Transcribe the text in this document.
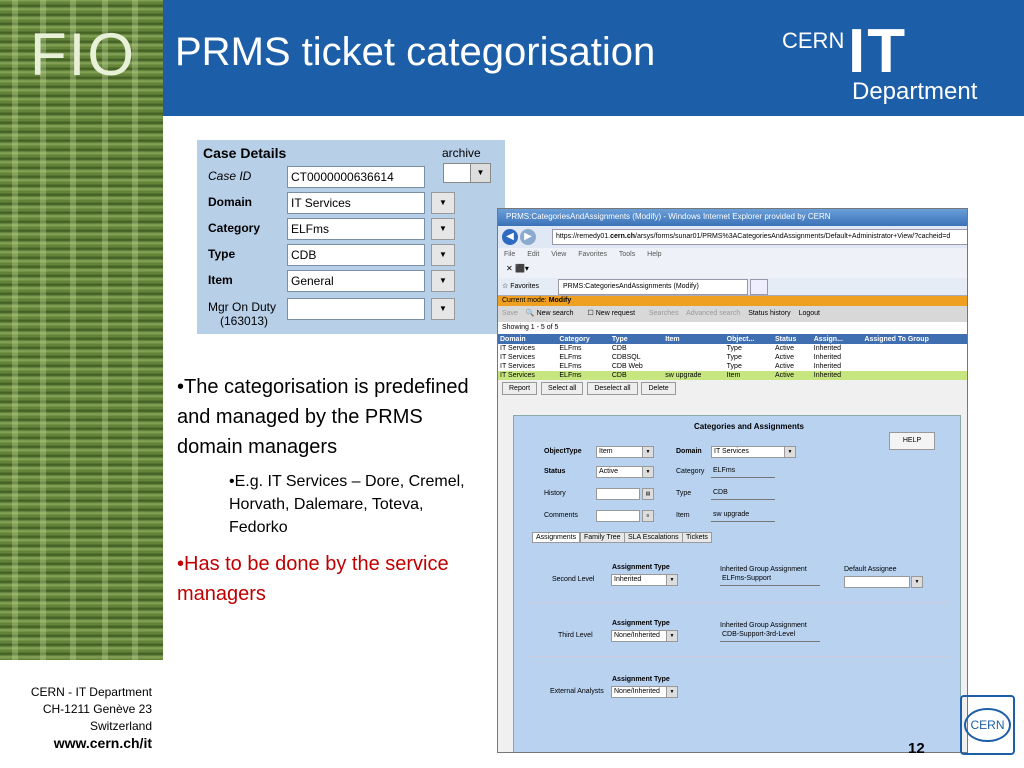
FIO PRMS ticket categorisation	CERN IT
Department
Case Details	archive
▼
Case ID	CT0000000636614
Domain	IT Services	▼
Category	ELFms	▼
Type	CDB	▼
Item	General	▼
Mgr On Duty
(163013)
▼
•The categorisation is predefined and managed by the PRMS domain managers
•E.g. IT Services – Dore, Cremel, Horvath, Dalemare, Toteva, Fedorko
•Has to be done by the service managers
PRMS:CategoriesAndAssignments (Modify) - Windows Internet Explorer provided by CERN
◀	▶	https://remedy01.cern.ch/arsys/forms/sunar01/PRMS%3ACategoriesAndAssignments/Default+Administrator+View/?cacheid=d
File Edit View Favorites Tools Help
✕ ⬛▾
☆ Favorites	PRMS:CategoriesAndAssignments (Modify)
Current mode: Modify
Save 🔍 New search ☐ New request Searches Advanced search Status history Logout
Showing 1 - 5 of 5
Domain	Category	Type	Item	Object...	Status	Assign...	Assigned To Group
IT Services	ELFms	CDB		Type	Active	Inherited	
IT Services	ELFms	CDBSQL		Type	Active	Inherited	
IT Services	ELFms	CDB Web		Type	Active	Inherited	
IT Services	ELFms	CDB	sw upgrade	Item	Active	Inherited	
Report	Select all	Deselect all	Delete
Categories and Assignments
HELP
ObjectType	Item	▼	Domain	IT Services	▼
Status	Active	▼	Category ELFms
History	▤	Type	CDB
Comments	≡	Item	sw upgrade
Assignments	Family Tree	SLA Escalations	Tickets
Assignment Type
Second Level	Inherited	▼
Inherited Group Assignment
ELFms-Support
Default Assignee
▼
Assignment Type
Third Level	None/Inherited	▼
Inherited Group Assignment
CDB-Support-3rd-Level
Assignment Type
External Analysts	None/Inherited	▼
CERN - IT Department
CH-1211 Genève 23
Switzerland
www.cern.ch/it	12
CERN
